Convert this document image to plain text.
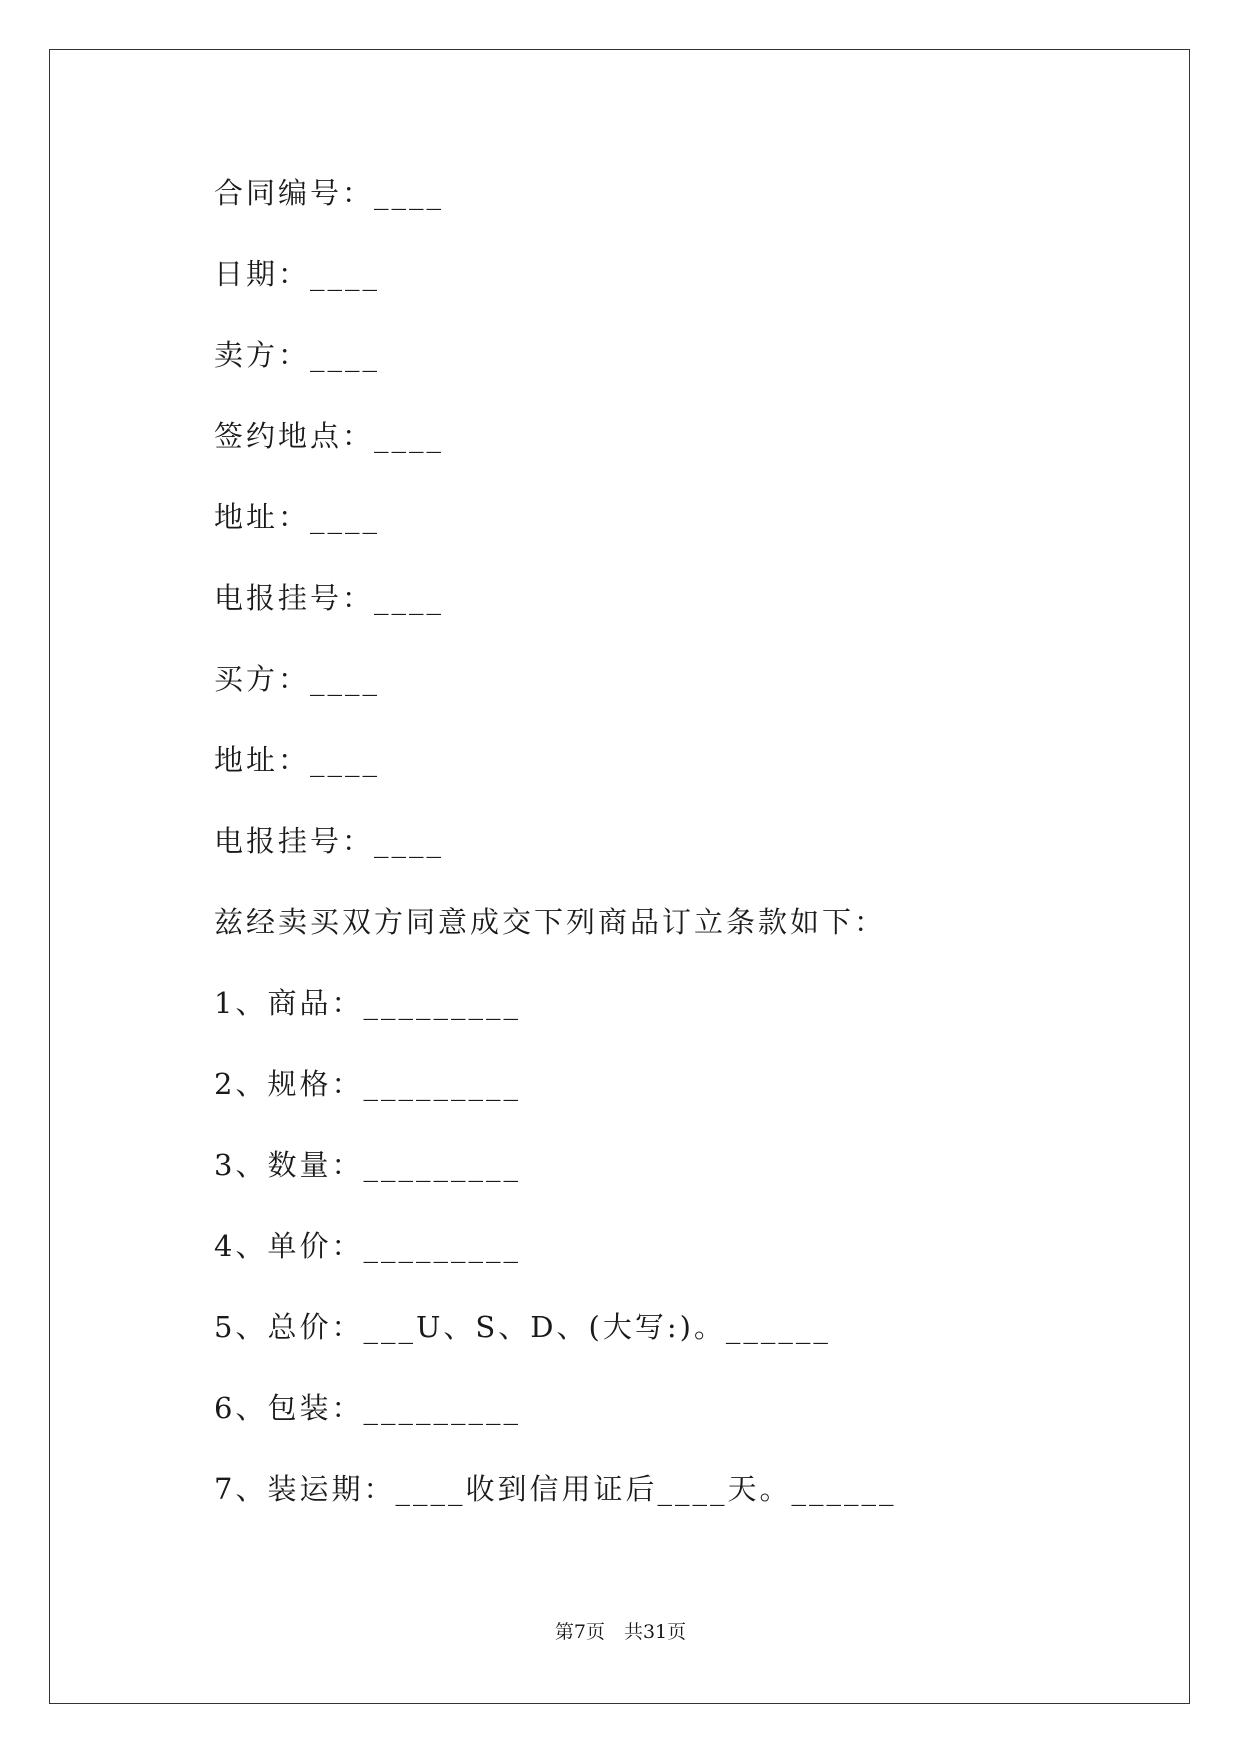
合同编号：____
日期：____
卖方：____
签约地点：____
地址：____
电报挂号：____
买方：____
地址：____
电报挂号：____
兹经卖买双方同意成交下列商品订立条款如下：
1、商品：_________
2、规格：_________
3、数量：_________
4、单价：_________
5、总价：___U、S、D、(大写:)。______
6、包装：_________
7、装运期：____收到信用证后____天。______
第7页　共31页
